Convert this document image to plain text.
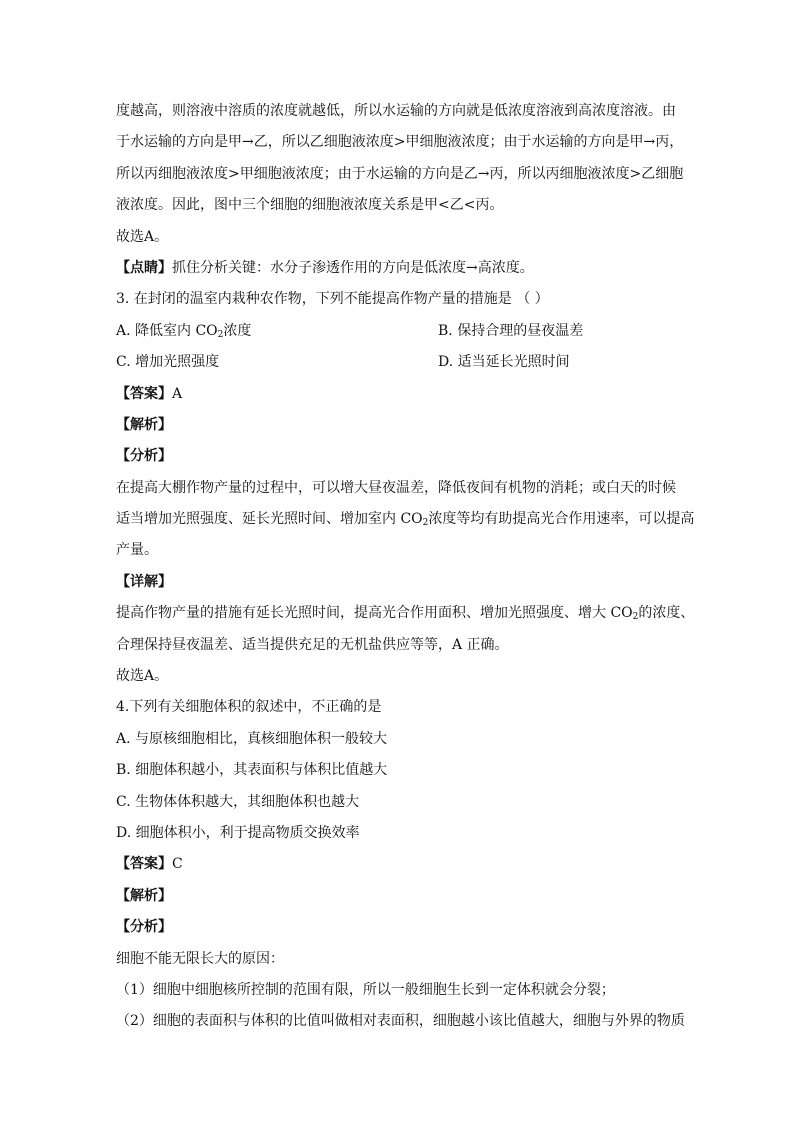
度越高，则溶液中溶质的浓度就越低，所以水运输的方向就是低浓度溶液到高浓度溶液。由
于水运输的方向是甲→乙，所以乙细胞液浓度>甲细胞液浓度；由于水运输的方向是甲→丙，
所以丙细胞液浓度>甲细胞液浓度；由于水运输的方向是乙→丙，所以丙细胞液浓度>乙细胞
液浓度。因此，图中三个细胞的细胞液浓度关系是甲<乙<丙。
故选A。
【点睛】抓住分析关键：水分子渗透作用的方向是低浓度→高浓度。
3. 在封闭的温室内栽种农作物，下列不能提高作物产量的措施是 （ ）
A. 降低室内 $CO_2$浓度	B. 保持合理的昼夜温差
C. 增加光照强度	D. 适当延长光照时间
【答案】A
【解析】
【分析】
在提高大棚作物产量的过程中，可以增大昼夜温差，降低夜间有机物的消耗；或白天的时候
适当增加光照强度、延长光照时间、增加室内 $CO_2$浓度等均有助提高光合作用速率，可以提高
产量。
【详解】
提高作物产量的措施有延长光照时间，提高光合作用面积、增加光照强度、增大 $CO_2$的浓度、
合理保持昼夜温差、适当提供充足的无机盐供应等等，A 正确。
故选A。
4.下列有关细胞体积的叙述中，不正确的是
A. 与原核细胞相比，真核细胞体积一般较大
B. 细胞体积越小，其表面积与体积比值越大
C. 生物体体积越大，其细胞体积也越大
D. 细胞体积小，利于提高物质交换效率
【答案】C
【解析】
【分析】
细胞不能无限长大的原因：
（1）细胞中细胞核所控制的范围有限，所以一般细胞生长到一定体积就会分裂；
（2）细胞的表面积与体积的比值叫做相对表面积，细胞越小该比值越大，细胞与外界的物质
